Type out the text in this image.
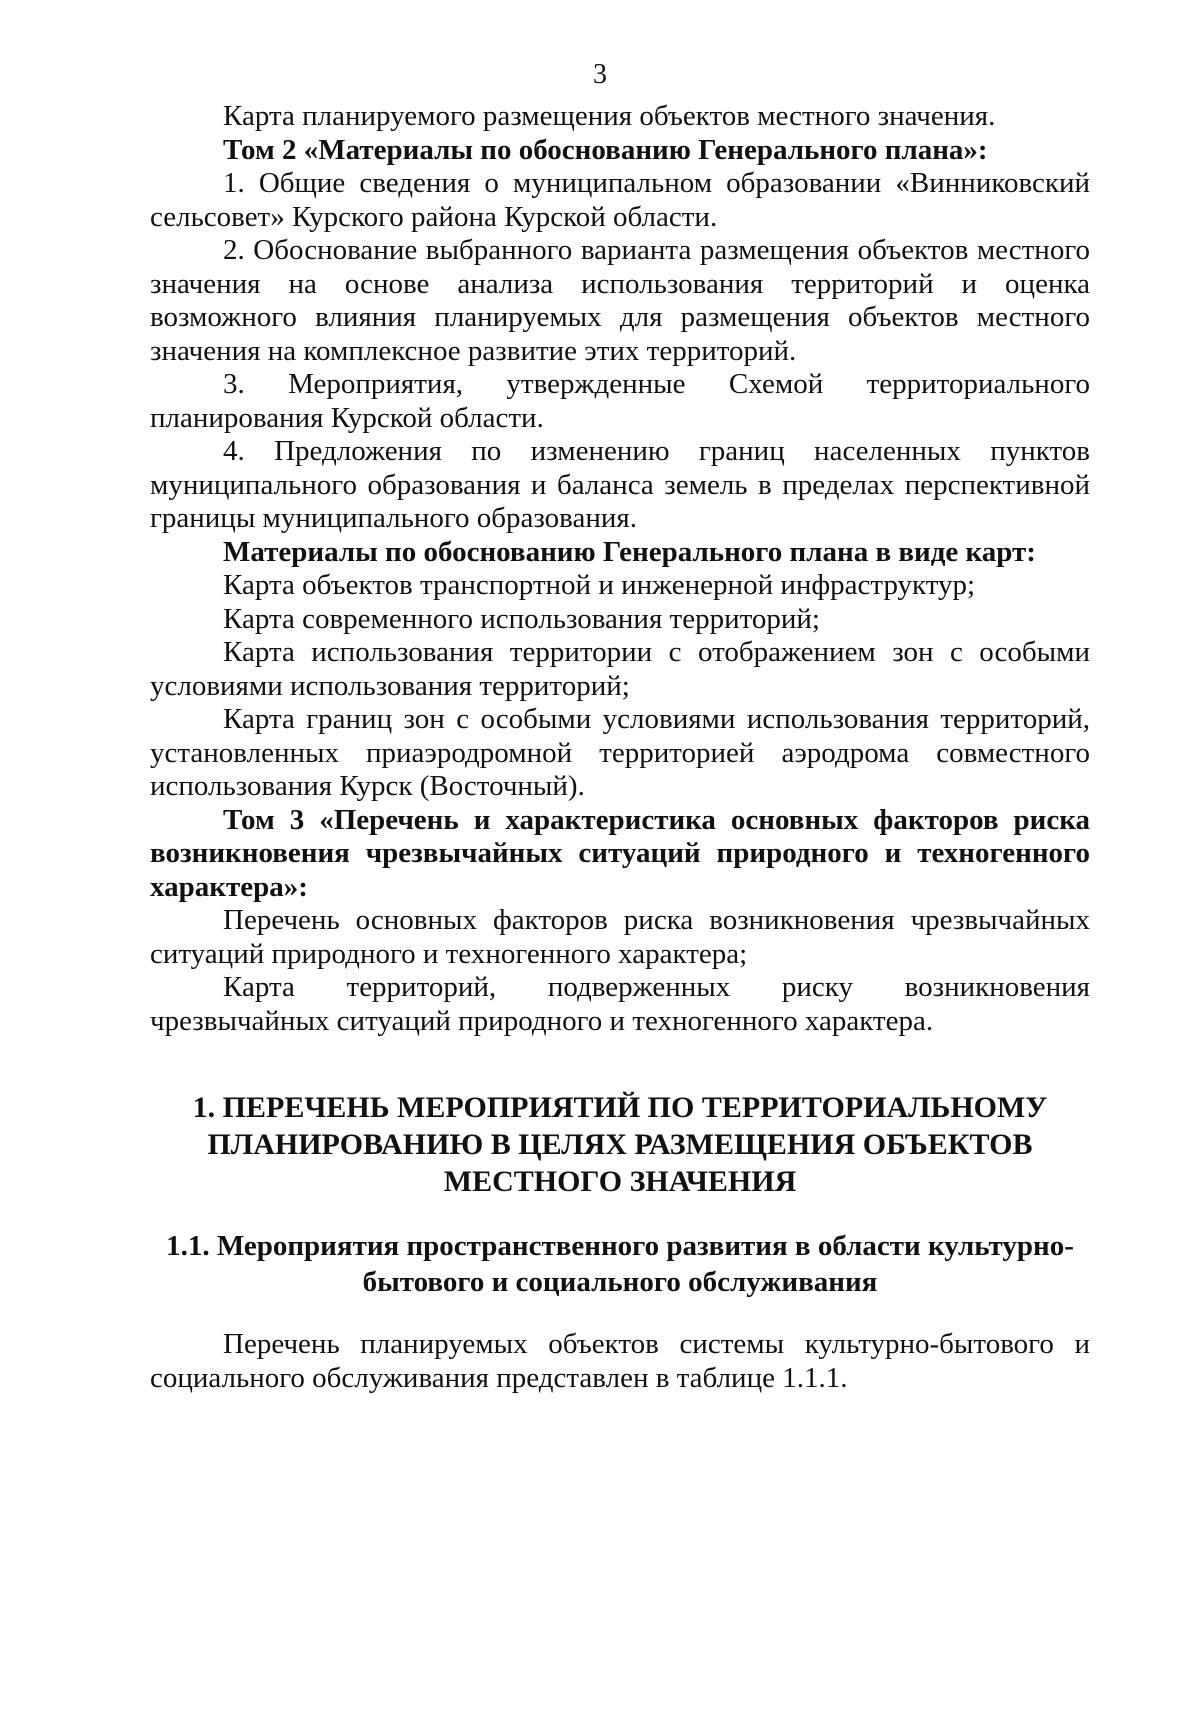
3

Карта планируемого размещения объектов местного значения.

Том 2 «Материалы по обоснованию Генерального плана»:

1. Общие сведения о муниципальном образовании «Винниковский сельсовет» Курского района Курской области.

2. Обоснование выбранного варианта размещения объектов местного значения на основе анализа использования территорий и оценка возможного влияния планируемых для размещения объектов местного значения на комплексное развитие этих территорий.

3. Мероприятия, утвержденные Схемой территориального планирования Курской области.

4. Предложения по изменению границ населенных пунктов муниципального образования и баланса земель в пределах перспективной границы муниципального образования.

Материалы по обоснованию Генерального плана в виде карт:

Карта объектов транспортной и инженерной инфраструктур;

Карта современного использования территорий;

Карта использования территории с отображением зон с особыми условиями использования территорий;

Карта границ зон с особыми условиями использования территорий, установленных приаэродромной территорией аэродрома совместного использования Курск (Восточный).

Том 3 «Перечень и характеристика основных факторов риска возникновения чрезвычайных ситуаций природного и техногенного характера»:

Перечень основных факторов риска возникновения чрезвычайных ситуаций природного и техногенного характера;

Карта территорий, подверженных риску возникновения чрезвычайных ситуаций природного и техногенного характера.

1. ПЕРЕЧЕНЬ МЕРОПРИЯТИЙ ПО ТЕРРИТОРИАЛЬНОМУ
ПЛАНИРОВАНИЮ В ЦЕЛЯХ РАЗМЕЩЕНИЯ ОБЪЕКТОВ
МЕСТНОГО ЗНАЧЕНИЯ
1.1. Мероприятия пространственного развития в области культурно-
бытового и социального обслуживания

Перечень планируемых объектов системы культурно-бытового и социального обслуживания представлен в таблице 1.1.1.
